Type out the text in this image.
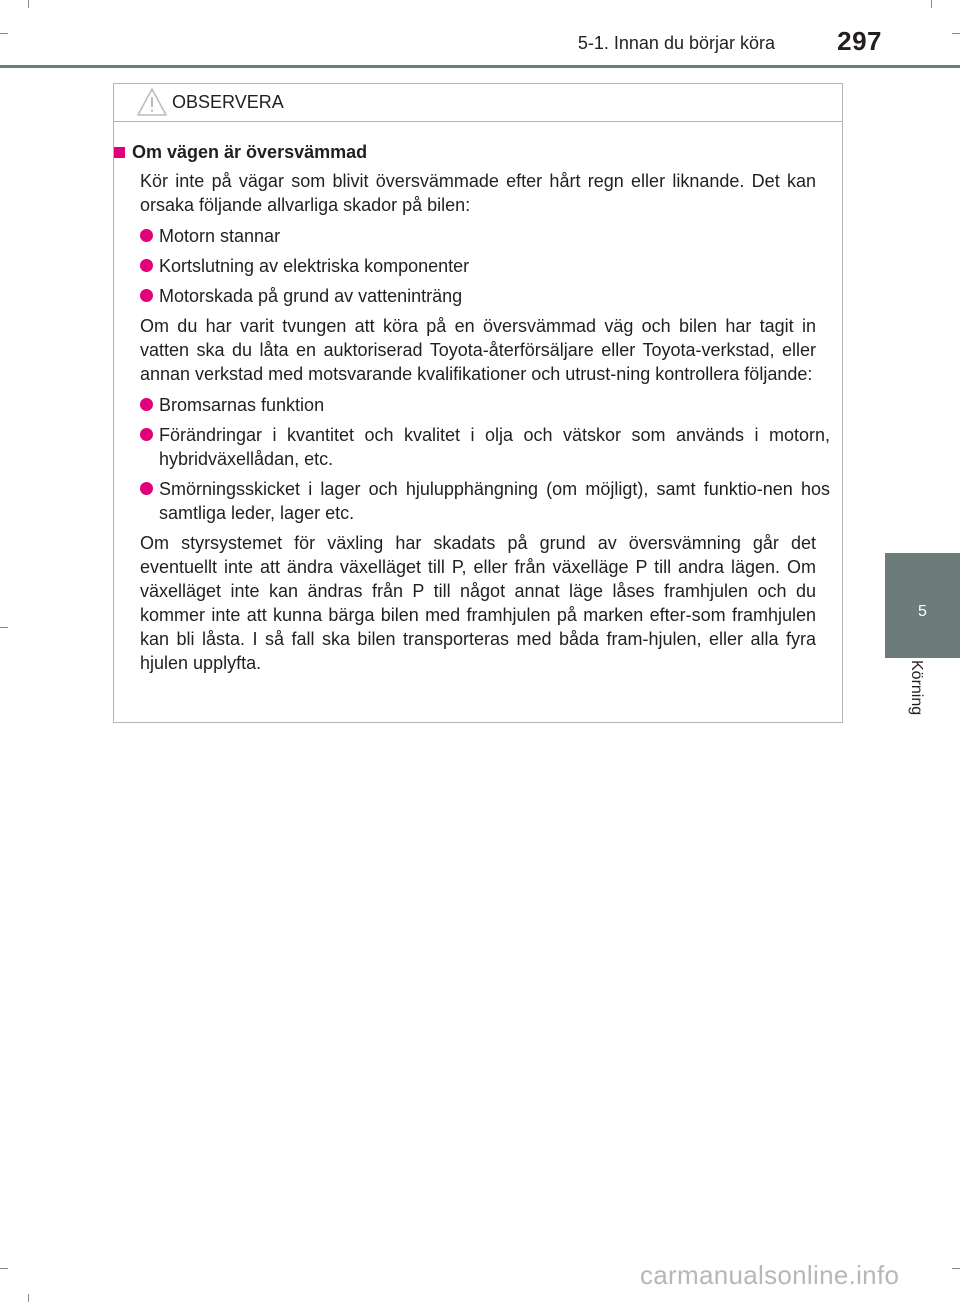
5-1. Innan du börjar köra	297
5
Körning
OBSERVERA
Om vägen är översvämmad
Kör inte på vägar som blivit översvämmade efter hårt regn eller liknande. Det kan orsaka följande allvarliga skador på bilen:
Motorn stannar
Kortslutning av elektriska komponenter
Motorskada på grund av vatteninträng
Om du har varit tvungen att köra på en översvämmad väg och bilen har tagit in vatten ska du låta en auktoriserad Toyota-återförsäljare eller Toyota-verkstad, eller annan verkstad med motsvarande kvalifikationer och utrust-ning kontrollera följande:
Bromsarnas funktion
Förändringar i kvantitet och kvalitet i olja och vätskor som används i motorn, hybridväxellådan, etc.
Smörningsskicket i lager och hjulupphängning (om möjligt), samt funktio-nen hos samtliga leder, lager etc.
Om styrsystemet för växling har skadats på grund av översvämning går det eventuellt inte att ändra växelläget till P, eller från växelläge P till andra lägen. Om växelläget inte kan ändras från P till något annat läge låses framhjulen och du kommer inte att kunna bärga bilen med framhjulen på marken efter-som framhjulen kan bli låsta. I så fall ska bilen transporteras med båda fram-hjulen, eller alla fyra hjulen upplyfta.
carmanualsonline.info
